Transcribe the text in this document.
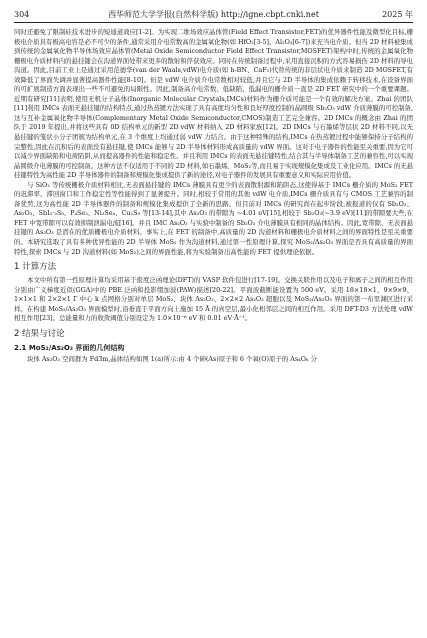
304	西华师范大学学报(自然科学版) http://igne.cbpt.cnki.net	2025 年

同时还避免了限制硅技术进步的短通道效应[1-2]。为实现二维场效应晶体管(Field Effect Transistor,FET)的优异器件性能及微型化目标,栅极电介质具有极高电容是必不可少的条件,通常采用介电常数高的金属氧化物(如 HfO₂[3-5]、Al₂O₃[6-7])来充当电介质。但当 2D 材料被集成到传统的金属氧化物半导体场效应晶体管(Metal Oxide Semiconductor Field Effect Transistor,MOSFET)架构中时,传统的金属氧化物栅极电介质材料内的悬挂键会在沟道界面处带来更多的散射和俘获效应。同时在传统制备过程中,采用直接沉积的方式容易损伤 2D 材料的导电沟道。因此,目前工业上是通过采用范德华(van der Waals,vdW)电介质(如 h-BN、CaF₂)代替传统的非层状电介质来制造 2D MOSFET,有效降低了界面失调并显著提高器件性能[8-10]。但是 vdW 电介质介电常数相对较低,并且它与 2D 半导体的集成依赖于转移技术,在设备界面的可扩展制造方面表现出一些不可避免的局限性。因此,制备高介电常数、低缺陷、低漏电的栅介质一直是 2D FET 研究中的一个重要课题。近期有研究[11]表明,使用无机分子晶体(Inorganic Molecular Crystals,IMCs)材料作为栅介质可能是一个有效的解决方案。Zhai 的团队[11]利用 IMCs 表面无悬挂键的结构特点,通过热蒸镀方法实现了具有高度均匀性和良好厚度控制的晶圆级 Sb₂O₃ vdW 介质薄膜的可控制备,这与互补金属氧化物半导体(Complementary Metal Oxide Semiconductor,CMOS)制造工艺完全兼容。2D IMCs 的概念由 Zhai 的团队于 2019 年提出,并将这些具有 0D 结构单元的新型 2D vdW 材料纳入 2D 材料家族[12]。2D IMCs 与石墨烯等层状 2D 材料不同,以无悬挂键的笼状小分子团簇为结构单元,在 3 个维度上均通过弱 vdW 力结合。由于这种特殊的结构,IMCs 在热蒸镀过程中能够保持分子结构的完整性,因此在沉积后的表面没有悬挂键,使 IMCs 能够与 2D 半导体材料形成高质量的 vdW 界面。这对于电子器件的性能至关重要,因为它可以减少界面缺陷和电荷陷阱,从而提高器件的性能和稳定性。并且利用 IMCs 的表面无悬挂键特性,结合其与半导体制备工艺的兼容性,可以实现晶圆级介电薄膜的可控制备。这种方法不仅适用于不同的 2D 材料,如石墨烯、MoS₂等,而且易于实现规模化集成及工业化应用。IMCs 的无悬挂键特性为高性能 2D 半导体器件的制备和规模化集成提供了新的途径,对电子器件的发展具有重要意义和实际应用价值。

与 SiO₂ 等传统栅极介质材料相比,无表面悬挂键的 IMCs 薄膜具有更少的表面散射源和陷阱态,这使得基于 IMCs 栅介质的 MoS₂ FET 的迟滞率、滞回窗口和工作稳定性等性能得到了显著提升。同时,相较于常用的其他 vdW 电介质,IMCs 栅介质具有与 CMOS 工艺兼容的制备优势,这为高性能 2D 半导体器件的制备和规模化集成提供了全新的思路。但目前对 IMCs 的研究尚在起步阶段,被报道的仅有 Sb₂O₃、As₂O₃、SbI₃·₃S₈、P₄Se₃、Ni₃Se₄、Cu₂S₉ 等[13-14],其中 As₂O₃ 的带隙为 ~4.01 eV[15],相较于 Sb₂O₃(~3.9 eV)[11]的带隙要大些,在 FET 中宽带隙可以有效抑制泄漏电流[16]。并且 IMC As₂O₃ 与实验中制备的 Sb₂O₃ 介电薄膜具有相同的晶体结构。因此,宽带隙、无表面悬挂键的 As₂O₃ 是潜在的优质栅极电介质材料。事实上,在 FET 的制备中,高质量的 2D 沟道材料和栅极电介质材料之间的界面特性是至关重要的。本研究选取了具有多种优异性能的 2D 半导体 MoS₂ 作为沟道材料,通过第一性原理计算,探究 MoS₂/As₂O₃ 界面是否具有高质量的界面特性,探索 IMCs 与 2D 沟道材料(如 MoS₂)之间的界面性能,将为实验制备出高性能的 FET 提供理论依据。

1 计算方法

本文中所有第一性原理计算均采用基于密度泛函理论(DFT)的 VASP 软件包进行[17-19]。交换关联作用以及电子和离子之间的相互作用分别由广义梯度近似(GGA)中的 PBE 泛函和投影缀加波(PAW)描述[20-22]。平面波截断能设置为 500 eV。采用 18×18×1、9×9×9、1×1×1 和 2×2×1 Γ 中心 k 点网格分别对单层 MoS₂、块体 As₂O₃、2×2×2 As₂O₃ 超胞以及 MoS₂/As₂O₃ 界面的第一布里渊区进行采样。在构建 MoS₂/As₂O₃ 界面模型时,沿垂直于平面方向上施加 15 Å 的真空层,最小化相邻层之间的相互作用。采用 DFT-D3 方法处理 vdW 相互作用[23]。总能量和力的收敛阈值分别设定为 1.0×10⁻⁶ eV 和 0.01 eV·Å⁻¹。

2 结果与讨论
2.1 MoS₂/As₂O₃ 界面的几何结构

块体 As₂O₃ 空间群为 Fd3̄m,晶体结构如图 1(a)所示:由 4 个砷(As)原子和 6 个氧(O)原子的 As₄O₆ 分
